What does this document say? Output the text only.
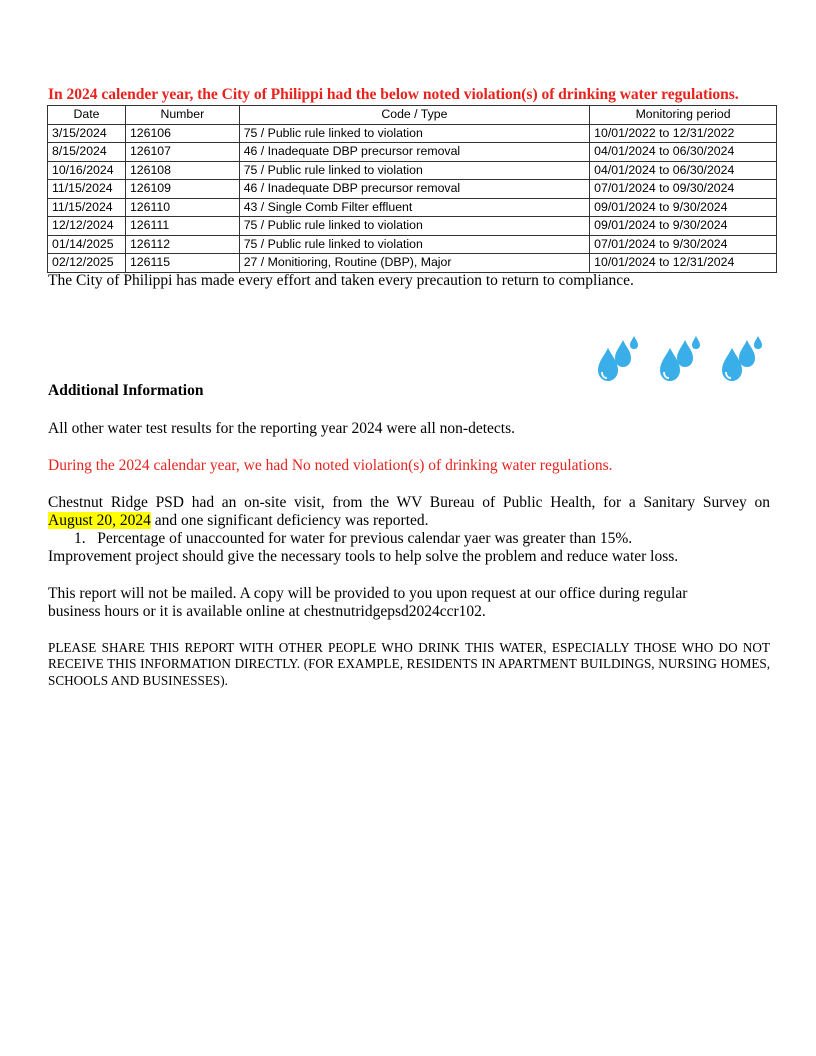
In 2024 calender year, the City of Philippi had the below noted violation(s) of drinking water regulations.
Date	Number	Code / Type	Monitoring period
3/15/2024	126106	75 / Public rule linked to violation	10/01/2022 to 12/31/2022
8/15/2024	126107	46 / Inadequate DBP precursor removal	04/01/2024 to 06/30/2024
10/16/2024	126108	75 / Public rule linked to violation	04/01/2024 to 06/30/2024
11/15/2024	126109	46 / Inadequate DBP precursor removal	07/01/2024 to 09/30/2024
11/15/2024	126110	43 / Single Comb Filter effluent	09/01/2024 to 9/30/2024
12/12/2024	126111	75 / Public rule linked to violation	09/01/2024 to 9/30/2024
01/14/2025	126112	75 / Public rule linked to violation	07/01/2024 to 9/30/2024
02/12/2025	126115	27 / Monitioring, Routine (DBP), Major	10/01/2024 to 12/31/2024
The City of Philippi has made every effort and taken every precaution to return to compliance.
Additional Information
All other water test results for the reporting year 2024 were all non-detects.
During the 2024 calendar year, we had No noted violation(s) of drinking water regulations.
Chestnut Ridge PSD had an on-site visit, from the WV Bureau of Public Health, for a Sanitary Survey on
August 20, 2024 and one significant deficiency was reported.
1. Percentage of unaccounted for water for previous calendar yaer was greater than 15%.
Improvement project should give the necessary tools to help solve the problem and reduce water loss.
This report will not be mailed. A copy will be provided to you upon request at our office during regular
business hours or it is available online at chestnutridgepsd2024ccr102.
PLEASE SHARE THIS REPORT WITH OTHER PEOPLE WHO DRINK THIS WATER, ESPECIALLY THOSE WHO DO NOT RECEIVE THIS INFORMATION DIRECTLY. (FOR EXAMPLE, RESIDENTS IN APARTMENT BUILDINGS, NURSING HOMES, SCHOOLS AND BUSINESSES).
